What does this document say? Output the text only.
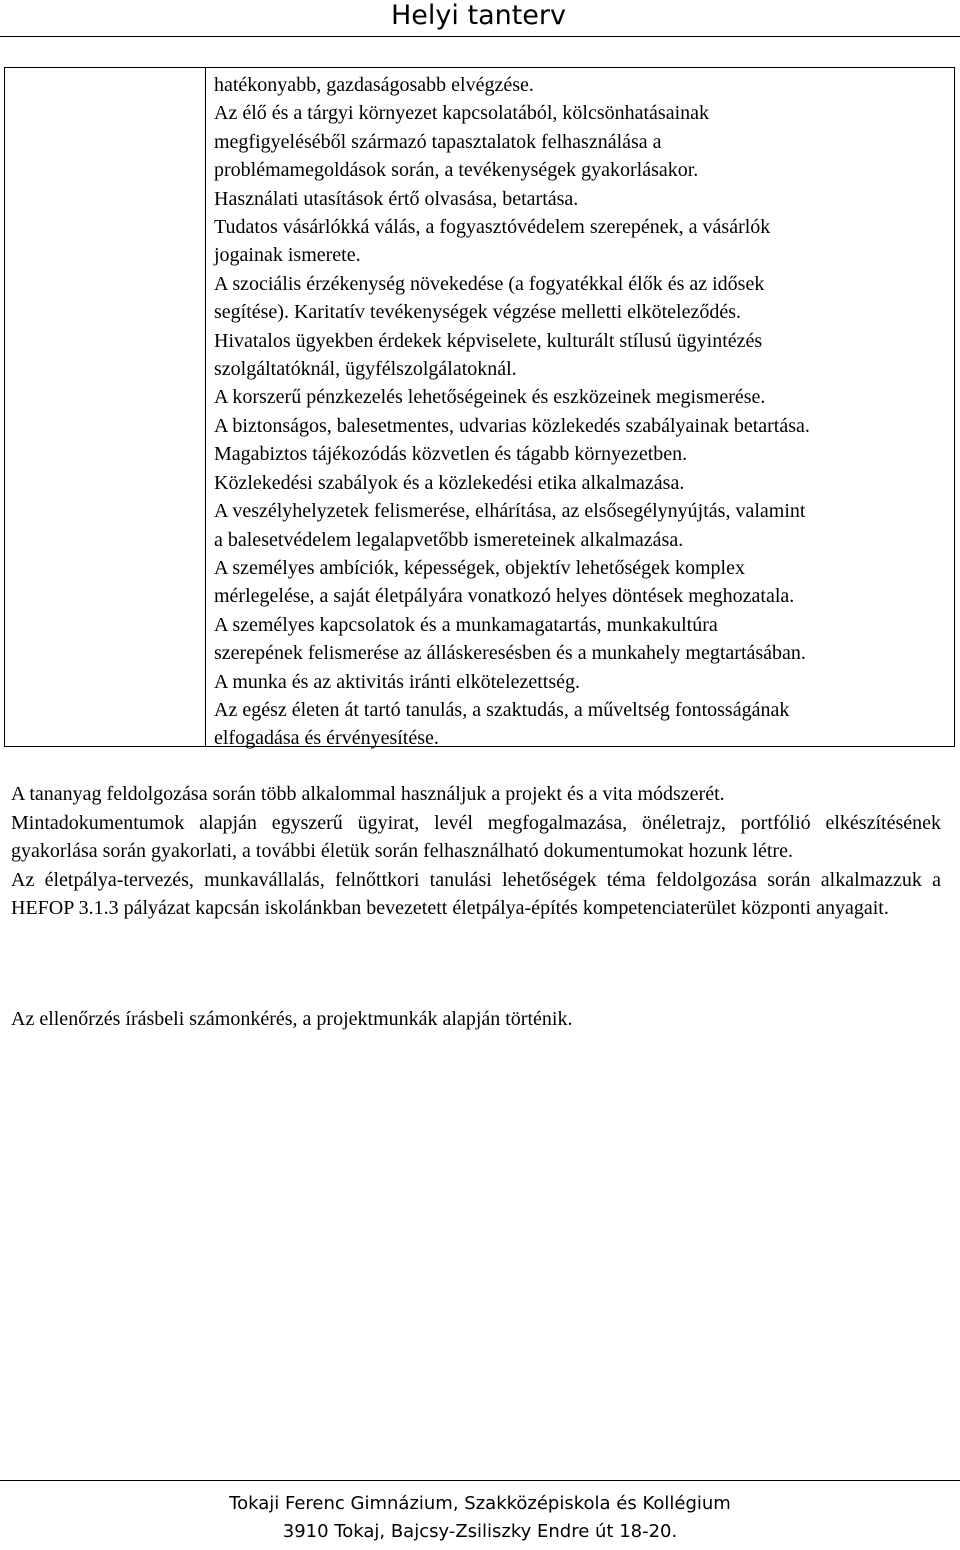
Helyi tanterv
hatékonyabb, gazdaságosabb elvégzése.
Az élő és a tárgyi környezet kapcsolatából, kölcsönhatásainak
megfigyeléséből származó tapasztalatok felhasználása a
problémamegoldások során, a tevékenységek gyakorlásakor.
Használati utasítások értő olvasása, betartása.
Tudatos vásárlókká válás, a fogyasztóvédelem szerepének, a vásárlók
jogainak ismerete.
A szociális érzékenység növekedése (a fogyatékkal élők és az idősek
segítése). Karitatív tevékenységek végzése melletti elköteleződés.
Hivatalos ügyekben érdekek képviselete, kulturált stílusú ügyintézés
szolgáltatóknál, ügyfélszolgálatoknál.
A korszerű pénzkezelés lehetőségeinek és eszközeinek megismerése.
A biztonságos, balesetmentes, udvarias közlekedés szabályainak betartása.
Magabiztos tájékozódás közvetlen és tágabb környezetben.
Közlekedési szabályok és a közlekedési etika alkalmazása.
A veszélyhelyzetek felismerése, elhárítása, az elsősegélynyújtás, valamint
a balesetvédelem legalapvetőbb ismereteinek alkalmazása.
A személyes ambíciók, képességek, objektív lehetőségek komplex
mérlegelése, a saját életpályára vonatkozó helyes döntések meghozatala.
A személyes kapcsolatok és a munkamagatartás, munkakultúra
szerepének felismerése az álláskeresésben és a munkahely megtartásában.
A munka és az aktivitás iránti elkötelezettség.
Az egész életen át tartó tanulás, a szaktudás, a műveltség fontosságának
elfogadása és érvényesítése.

A tananyag feldolgozása során több alkalommal használjuk a projekt és a vita módszerét.

Mintadokumentumok alapján egyszerű ügyirat, levél megfogalmazása, önéletrajz, portfólió elkészítésének gyakorlása során gyakorlati, a további életük során felhasználható dokumentumokat hozunk létre.

Az életpálya-tervezés, munkavállalás, felnőttkori tanulási lehetőségek téma feldolgozása során alkalmazzuk a HEFOP 3.1.3 pályázat kapcsán iskolánkban bevezetett életpálya-építés kompetenciaterület központi anyagait.

Az ellenőrzés írásbeli számonkérés, a projektmunkák alapján történik.

Tokaji Ferenc Gimnázium, Szakközépiskola és Kollégium
3910 Tokaj, Bajcsy-Zsiliszky Endre út 18-20.
